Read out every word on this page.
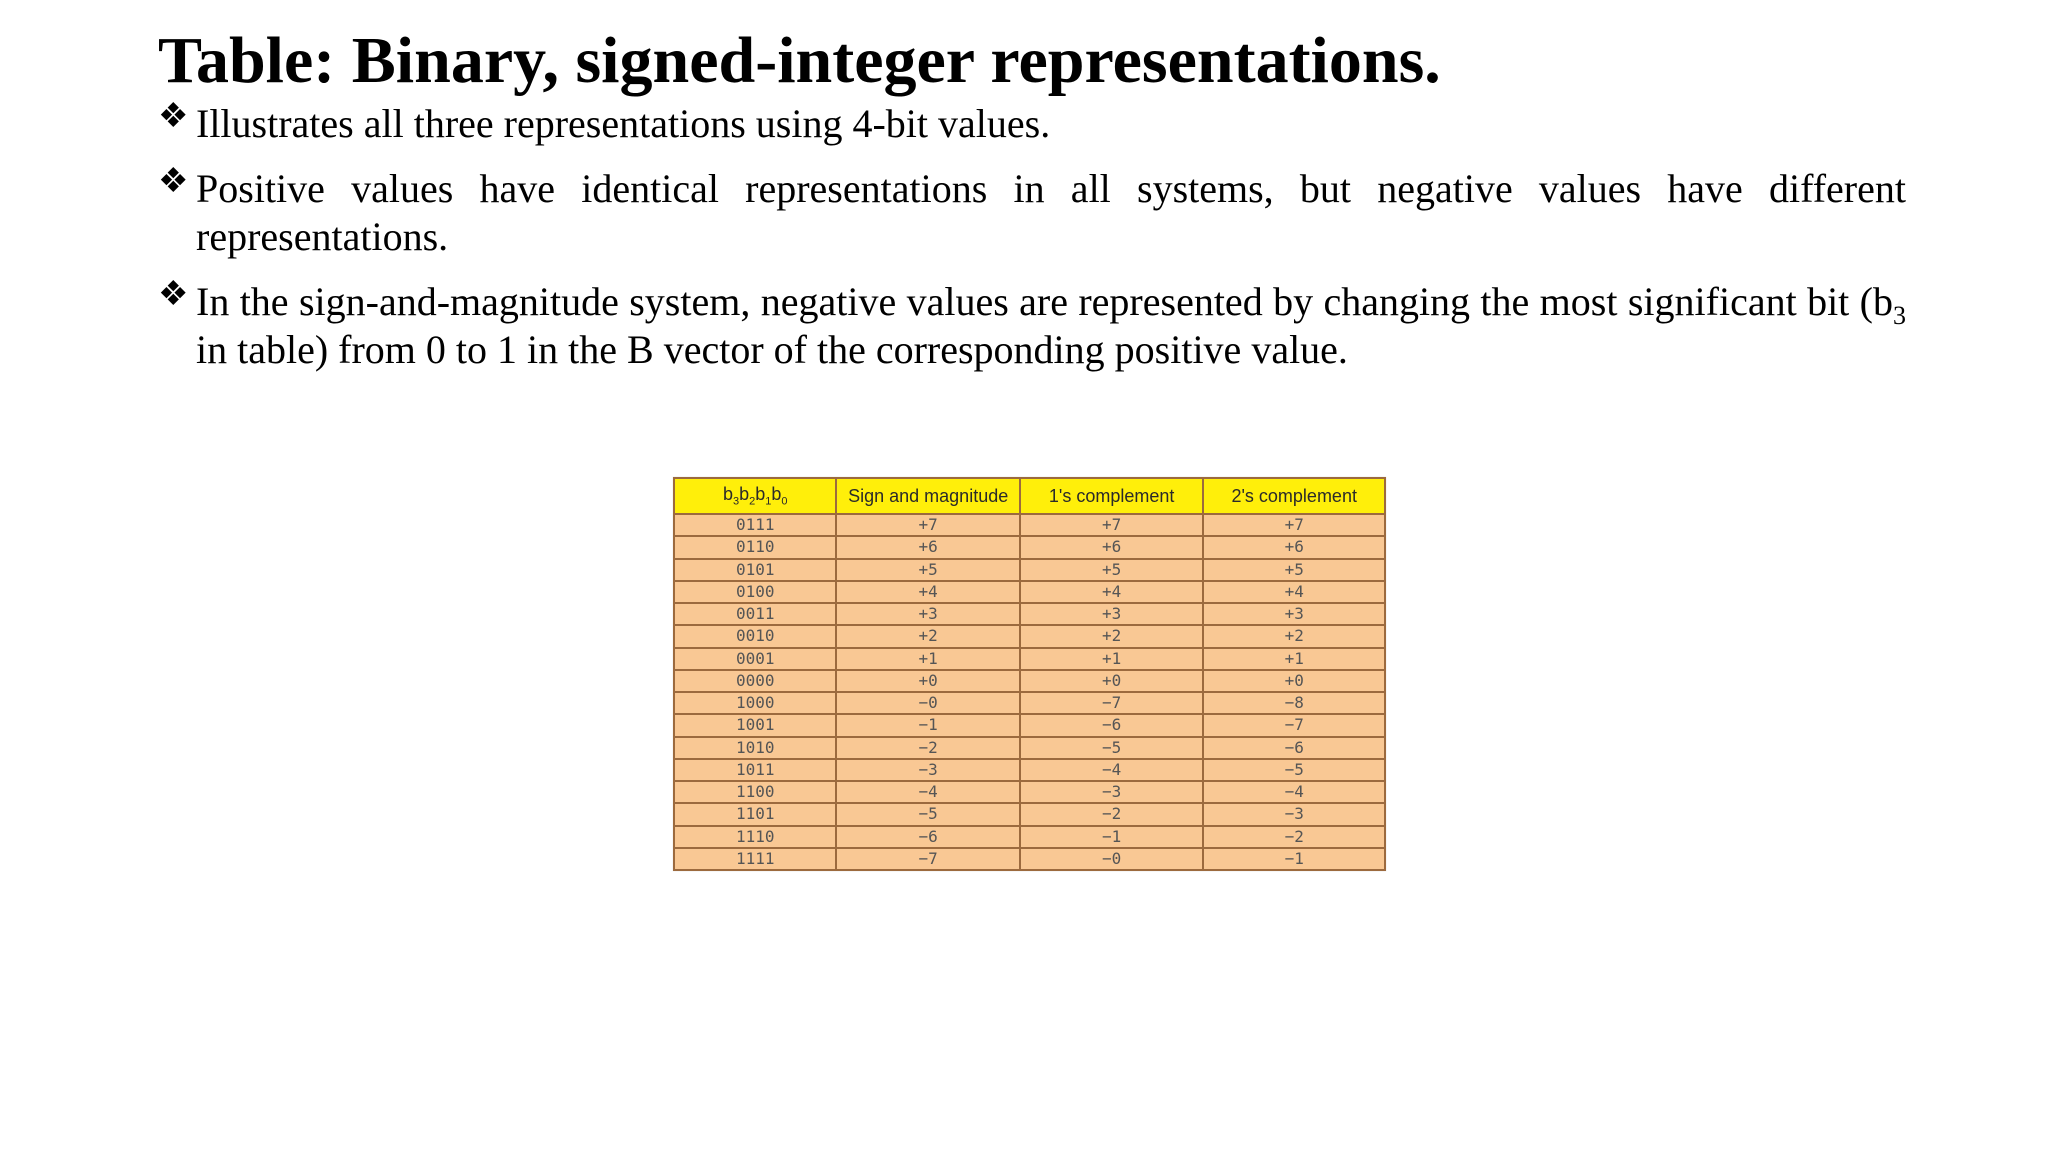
Table: Binary, signed-integer representations.
❖ Illustrates all three representations using 4-bit values.
❖ Positive values have identical representations in all systems, but negative values have different representations.
❖ In the sign-and-magnitude system, negative values are represented by changing the most significant bit ($b_3$ in table) from 0 to 1 in the B vector of the corresponding positive value.
$b_3b_2b_1b_0$	Sign and magnitude	1's complement	2's complement
0111	+7	+7	+7
0110	+6	+6	+6
0101	+5	+5	+5
0100	+4	+4	+4
0011	+3	+3	+3
0010	+2	+2	+2
0001	+1	+1	+1
0000	+0	+0	+0
1000	−0	−7	−8
1001	−1	−6	−7
1010	−2	−5	−6
1011	−3	−4	−5
1100	−4	−3	−4
1101	−5	−2	−3
1110	−6	−1	−2
1111	−7	−0	−1
